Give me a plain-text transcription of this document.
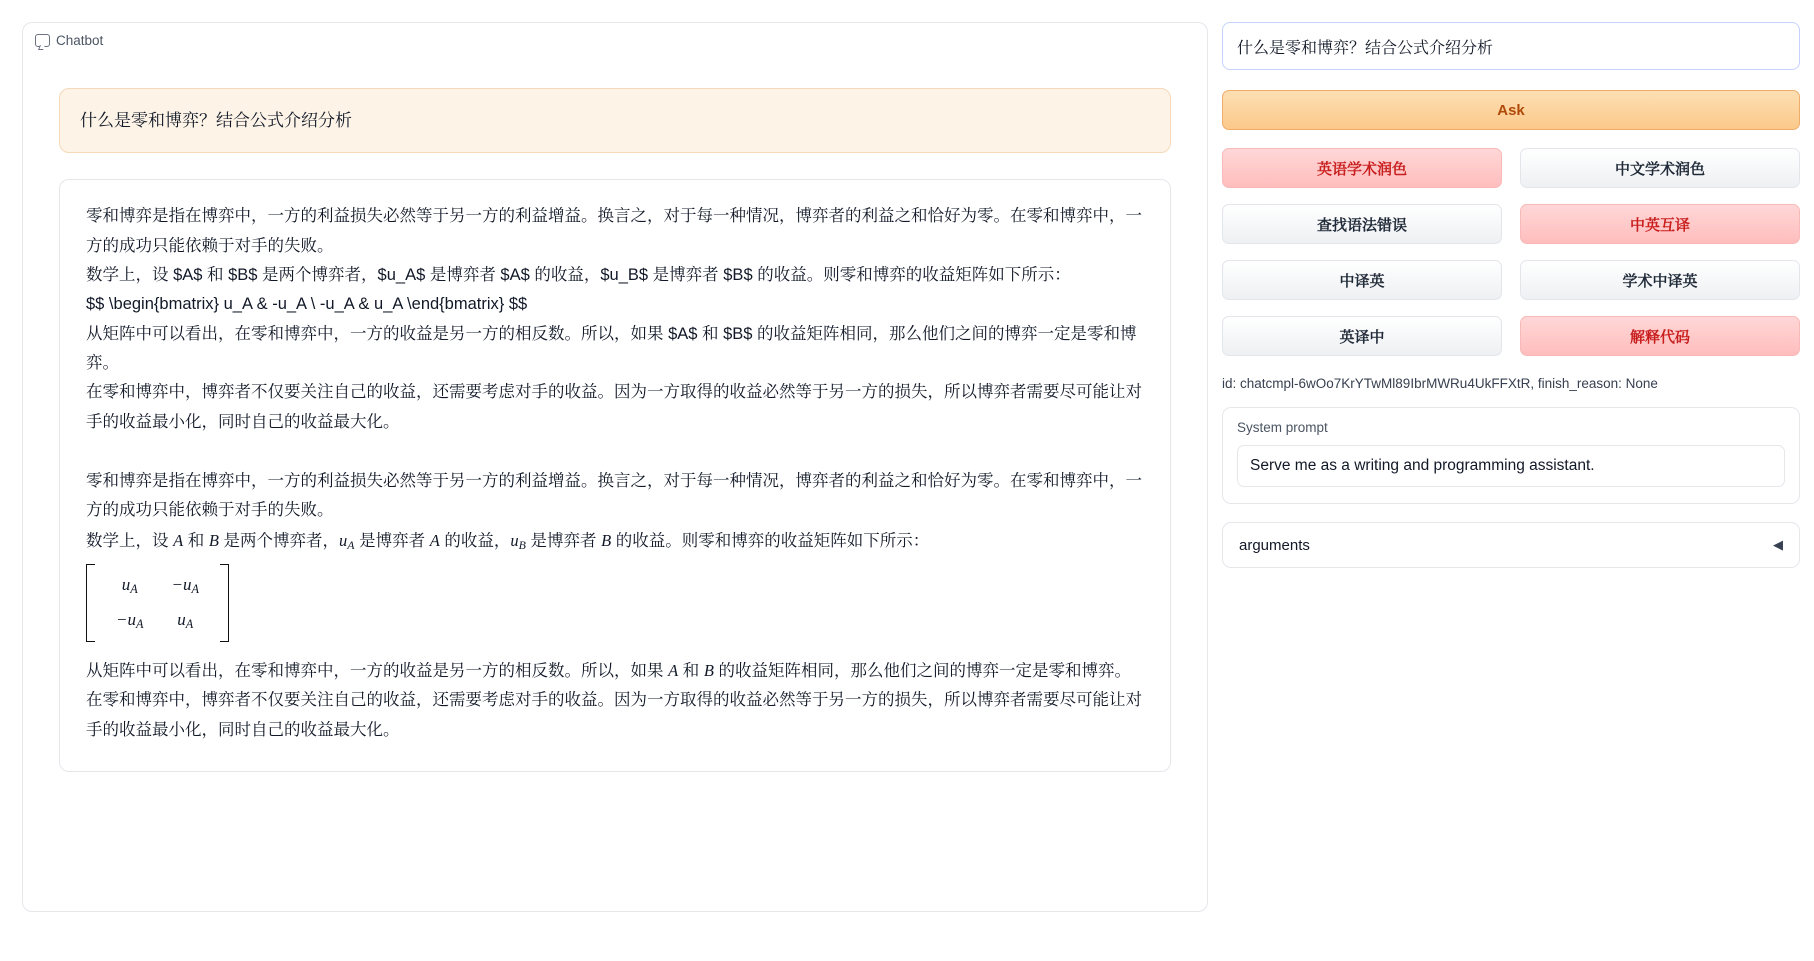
Chatbot
什么是零和博弈？结合公式介绍分析

零和博弈是指在博弈中，一方的利益损失必然等于另一方的利益增益。换言之，对于每一种情况，博弈者的利益之和恰好为零。在零和博弈中，一方的成功只能依赖于对手的失败。

数学上，设 $A$ 和 $B$ 是两个博弈者，$u_A$ 是博弈者 $A$ 的收益，$u_B$ 是博弈者 $B$ 的收益。则零和博弈的收益矩阵如下所示：

$$ \begin{bmatrix} u_A & -u_A \ -u_A & u_A \end{bmatrix} $$

从矩阵中可以看出，在零和博弈中，一方的收益是另一方的相反数。所以，如果 $A$ 和 $B$ 的收益矩阵相同，那么他们之间的博弈一定是零和博弈。

在零和博弈中，博弈者不仅要关注自己的收益，还需要考虑对手的收益。因为一方取得的收益必然等于另一方的损失，所以博弈者需要尽可能让对手的收益最小化，同时自己的收益最大化。

零和博弈是指在博弈中，一方的利益损失必然等于另一方的利益增益。换言之，对于每一种情况，博弈者的利益之和恰好为零。在零和博弈中，一方的成功只能依赖于对手的失败。

数学上，设 A 和 B 是两个博弈者，$u_A$ 是博弈者 A 的收益，$u_B$ 是博弈者 B 的收益。则零和博弈的收益矩阵如下所示：

$u_A$	$-u_A$
$-u_A$	$u_A$

从矩阵中可以看出，在零和博弈中，一方的收益是另一方的相反数。所以，如果 A 和 B 的收益矩阵相同，那么他们之间的博弈一定是零和博弈。

在零和博弈中，博弈者不仅要关注自己的收益，还需要考虑对手的收益。因为一方取得的收益必然等于另一方的损失，所以博弈者需要尽可能让对手的收益最小化，同时自己的收益最大化。

什么是零和博弈？结合公式介绍分析 Ask
英语学术润色	中文学术润色
查找语法错误	中英互译
中译英	学术中译英
英译中	解释代码
id: chatcmpl-6wOo7KrYTwMl89IbrMWRu4UkFFXtR, finish_reason: None
System prompt
Serve me as a writing and programming assistant.
arguments	◀
